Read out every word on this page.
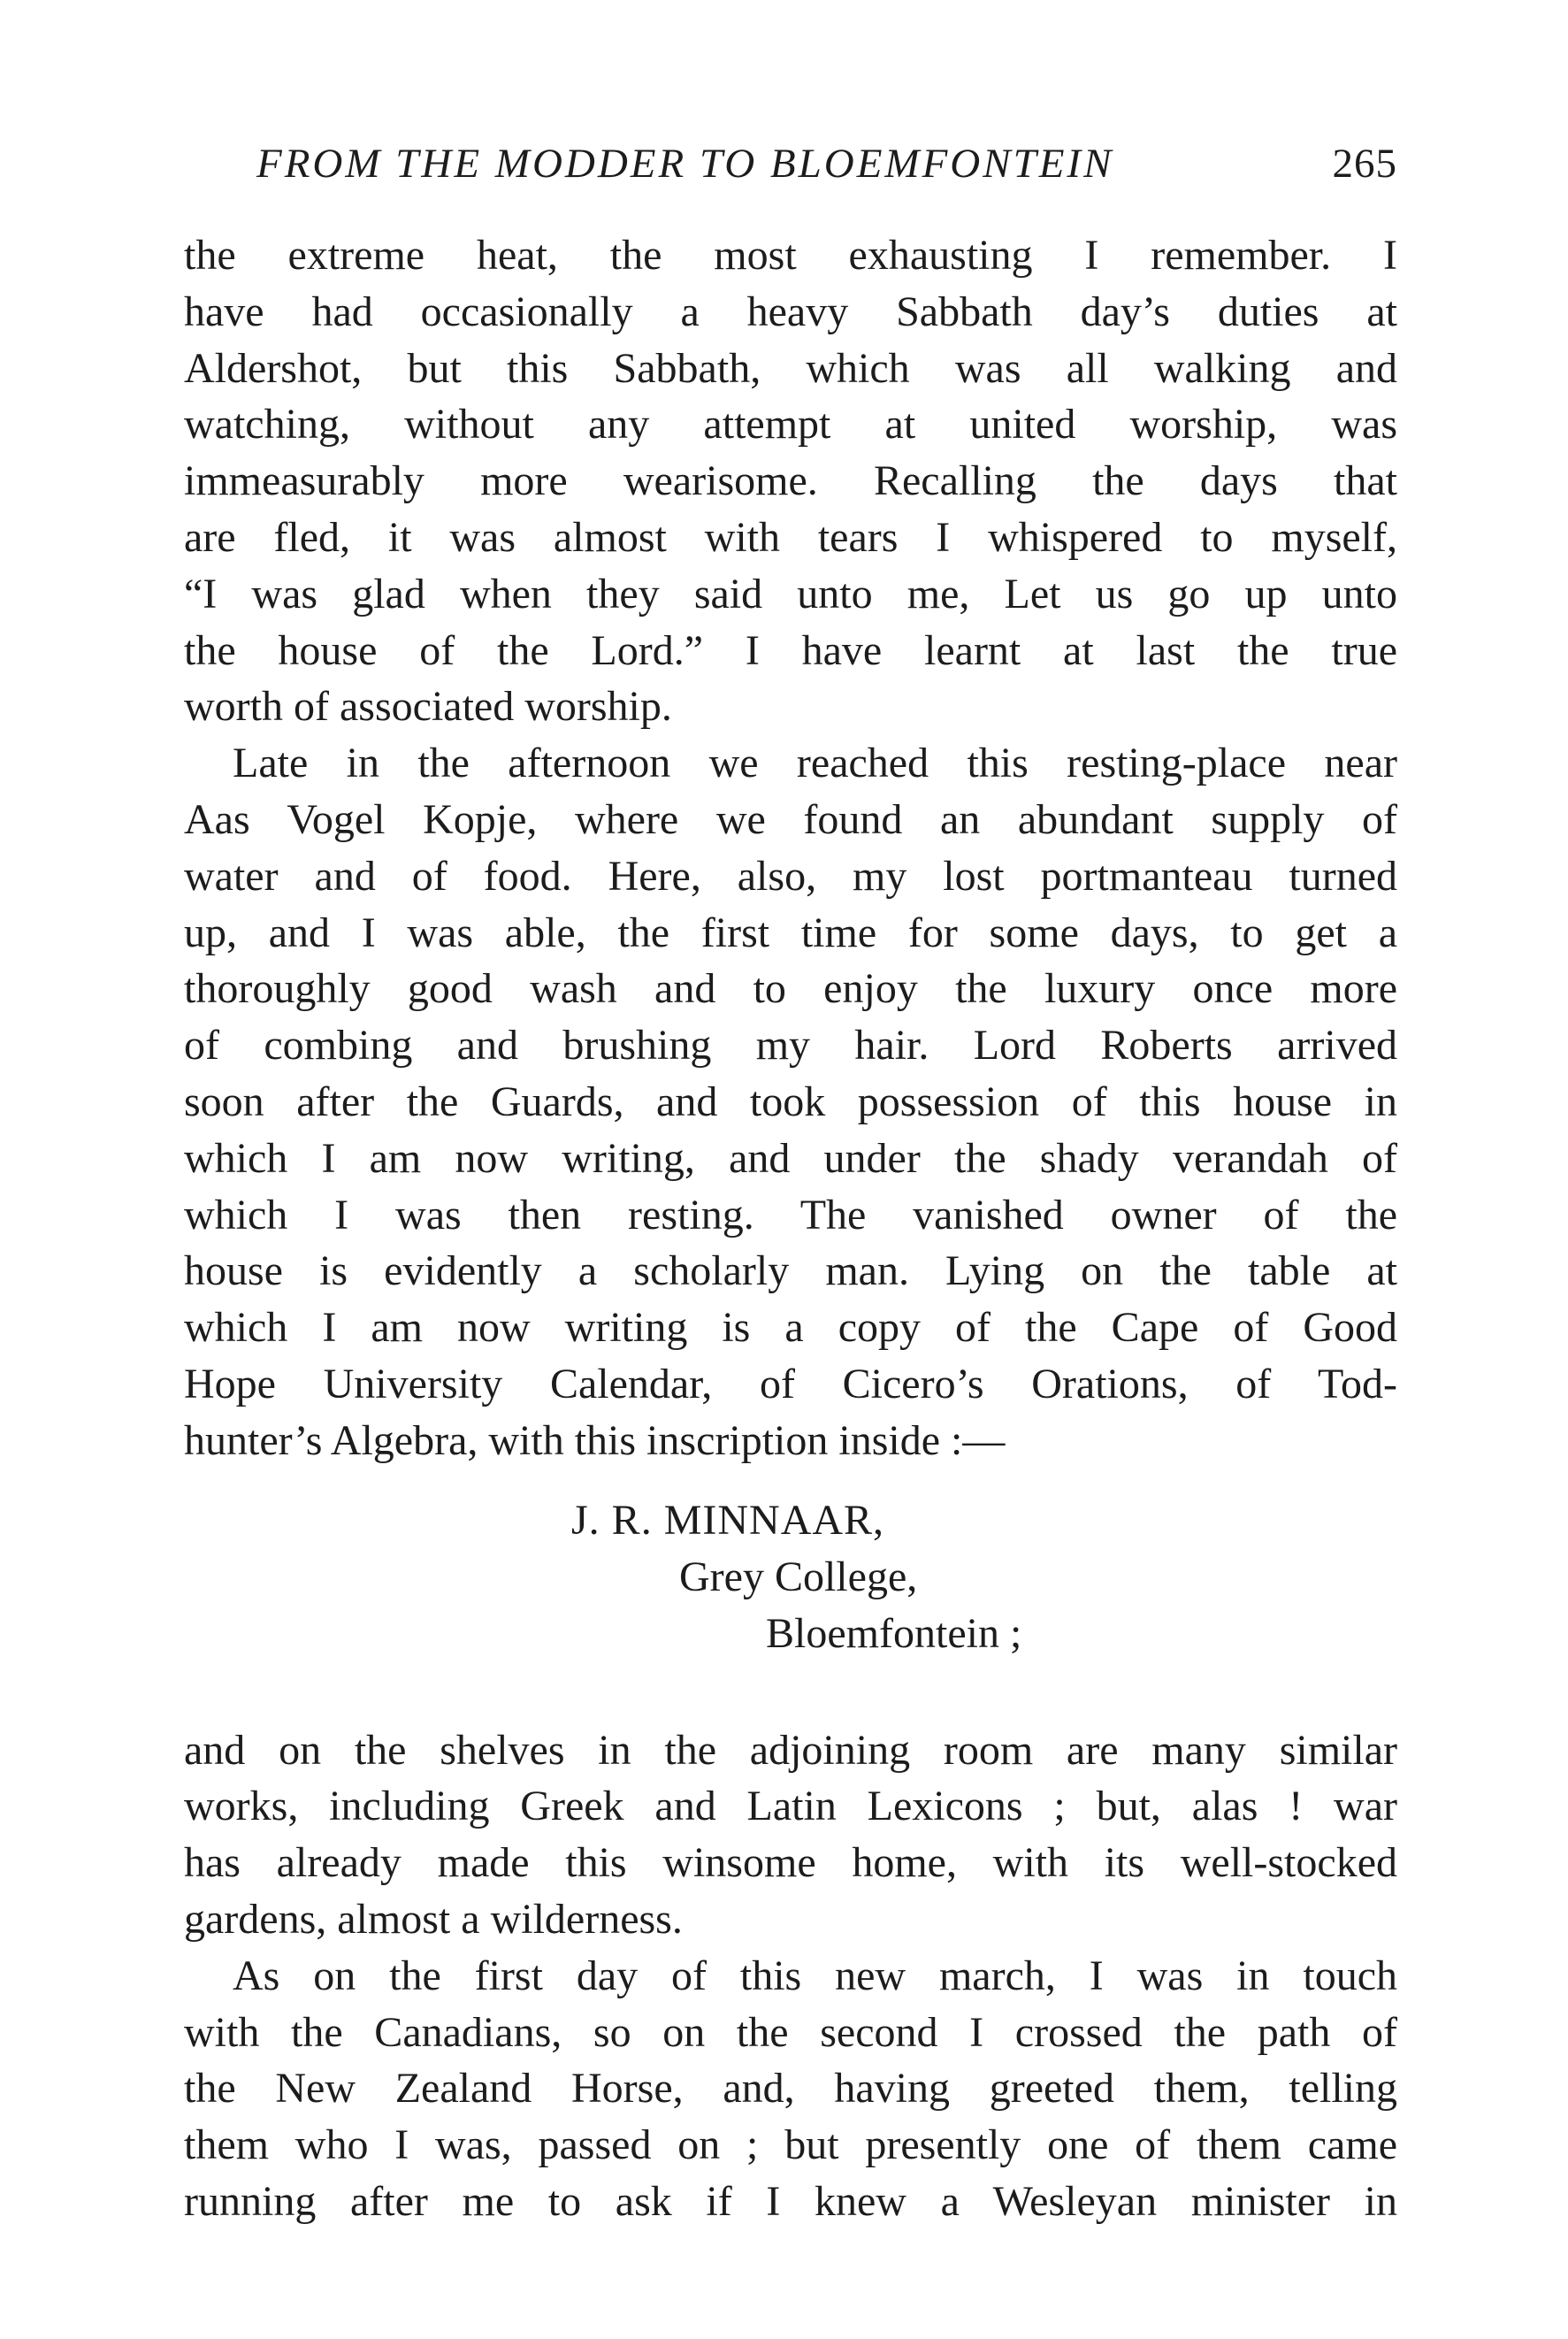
FROM THE MODDER TO BLOEMFONTEIN	265
the extreme heat, the most exhausting I remember. I
have had occasionally a heavy Sabbath day’s duties at
Aldershot, but this Sabbath, which was all walking and
watching, without any attempt at united worship, was
immeasurably more wearisome. Recalling the days that
are fled, it was almost with tears I whispered to myself,
“I was glad when they said unto me, Let us go up unto
the house of the Lord.” I have learnt at last the true
worth of associated worship.
Late in the afternoon we reached this resting-place near
Aas Vogel Kopje, where we found an abundant supply of
water and of food. Here, also, my lost portmanteau turned
up, and I was able, the first time for some days, to get a
thoroughly good wash and to enjoy the luxury once more
of combing and brushing my hair. Lord Roberts arrived
soon after the Guards, and took possession of this house in
which I am now writing, and under the shady verandah of
which I was then resting. The vanished owner of the
house is evidently a scholarly man. Lying on the table at
which I am now writing is a copy of the Cape of Good
Hope University Calendar, of Cicero’s Orations, of Tod-
hunter’s Algebra, with this inscription inside :—
J. R. MINNAAR,
Grey College,
Bloemfontein ;
and on the shelves in the adjoining room are many similar
works, including Greek and Latin Lexicons ; but, alas ! war
has already made this winsome home, with its well-stocked
gardens, almost a wilderness.
As on the first day of this new march, I was in touch
with the Canadians, so on the second I crossed the path of
the New Zealand Horse, and, having greeted them, telling
them who I was, passed on ; but presently one of them came
running after me to ask if I knew a Wesleyan minister in
